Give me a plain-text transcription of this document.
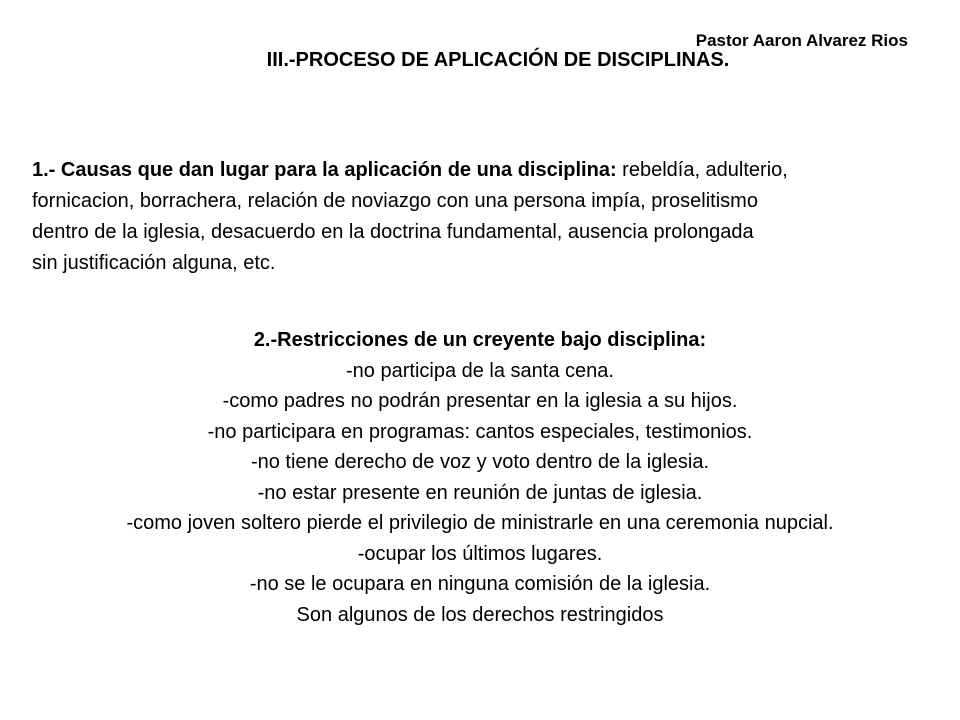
Pastor Aaron Alvarez Rios
III.-PROCESO DE APLICACIÓN DE DISCIPLINAS.
1.- Causas que dan lugar para la aplicación de una disciplina: rebeldía, adulterio,
fornicacion, borrachera, relación de noviazgo con una persona impía, proselitismo
dentro de la iglesia, desacuerdo en la doctrina fundamental, ausencia prolongada
sin justificación alguna, etc.
2.-Restricciones de un creyente bajo disciplina:
-no participa de la santa cena.
-como padres no podrán presentar en la iglesia a su hijos.
-no participara en programas: cantos especiales, testimonios.
-no tiene derecho de voz y voto dentro de la iglesia.
-no estar presente en reunión de juntas de iglesia.
-como joven soltero pierde el privilegio de ministrarle en una ceremonia nupcial.
-ocupar los últimos lugares.
-no se le ocupara en ninguna comisión de la iglesia.
Son algunos de los derechos restringidos
